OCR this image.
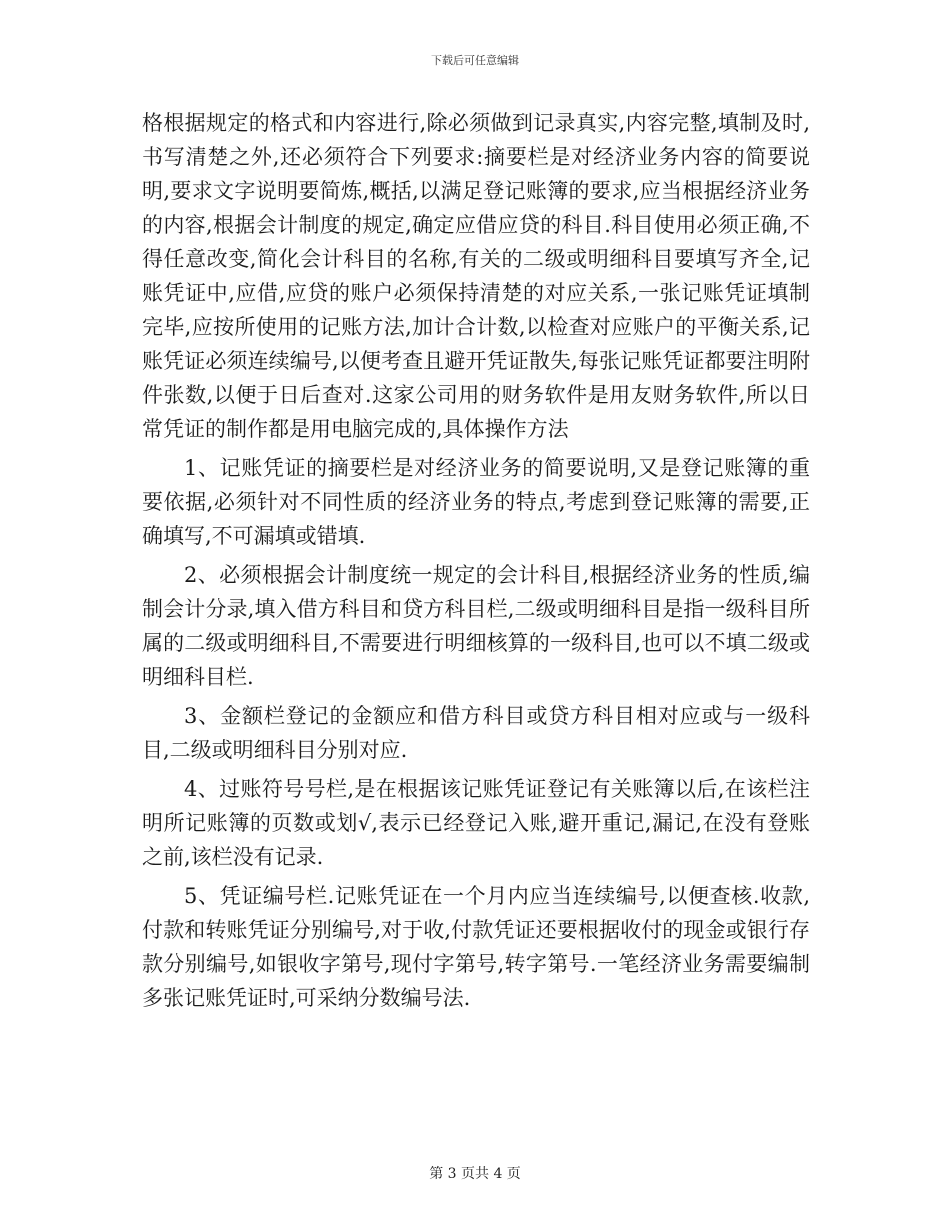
下载后可任意编辑

格根据规定的格式和内容进行,除必须做到记录真实,内容完整,填制及时,书写清楚之外,还必须符合下列要求:摘要栏是对经济业务内容的简要说明,要求文字说明要简炼,概括,以满足登记账簿的要求,应当根据经济业务的内容,根据会计制度的规定,确定应借应贷的科目.科目使用必须正确,不得任意改变,简化会计科目的名称,有关的二级或明细科目要填写齐全,记账凭证中,应借,应贷的账户必须保持清楚的对应关系,一张记账凭证填制完毕,应按所使用的记账方法,加计合计数,以检查对应账户的平衡关系,记账凭证必须连续编号,以便考查且避开凭证散失,每张记账凭证都要注明附件张数,以便于日后查对.这家公司用的财务软件是用友财务软件,所以日常凭证的制作都是用电脑完成的,具体操作方法

1、记账凭证的摘要栏是对经济业务的简要说明,又是登记账簿的重要依据,必须针对不同性质的经济业务的特点,考虑到登记账簿的需要,正确填写,不可漏填或错填.

2、必须根据会计制度统一规定的会计科目,根据经济业务的性质,编制会计分录,填入借方科目和贷方科目栏,二级或明细科目是指一级科目所属的二级或明细科目,不需要进行明细核算的一级科目,也可以不填二级或明细科目栏.

3、金额栏登记的金额应和借方科目或贷方科目相对应或与一级科目,二级或明细科目分别对应.

4、过账符号号栏,是在根据该记账凭证登记有关账簿以后,在该栏注明所记账簿的页数或划√,表示已经登记入账,避开重记,漏记,在没有登账之前,该栏没有记录.

5、凭证编号栏.记账凭证在一个月内应当连续编号,以便查核.收款,付款和转账凭证分别编号,对于收,付款凭证还要根据收付的现金或银行存款分别编号,如银收字第号,现付字第号,转字第号.一笔经济业务需要编制多张记账凭证时,可采纳分数编号法.

第 3 页共 4 页
